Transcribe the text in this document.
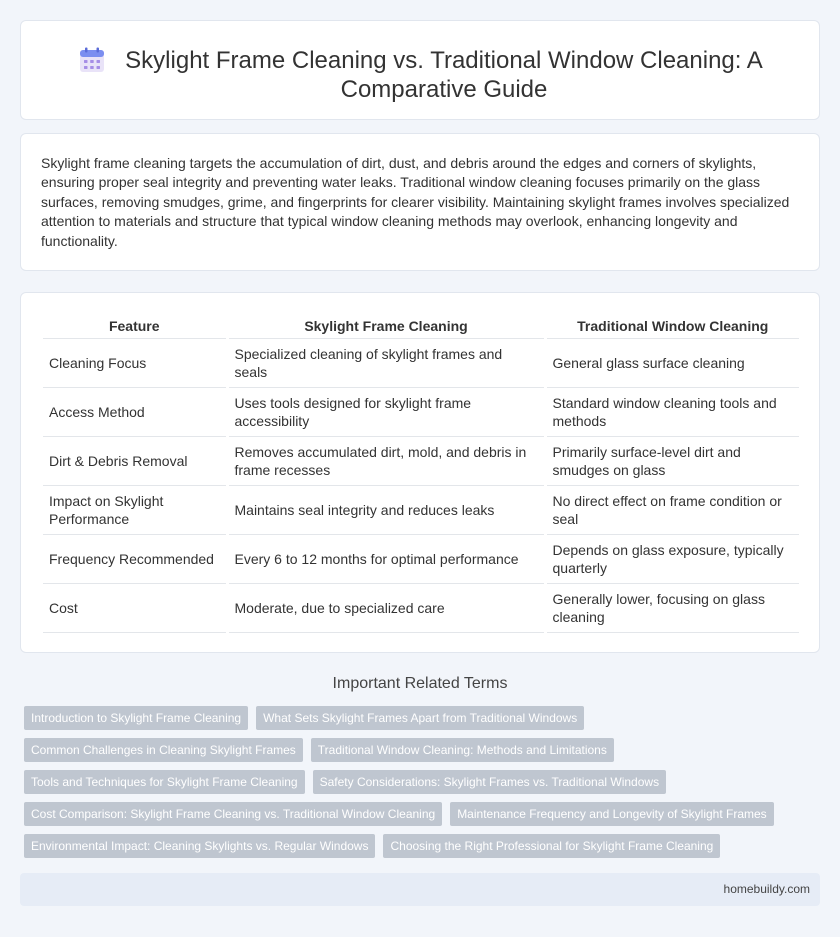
Skylight Frame Cleaning vs. Traditional Window Cleaning: A
Comparative Guide

Skylight frame cleaning targets the accumulation of dirt, dust, and debris around the edges and corners of skylights, ensuring proper seal integrity and preventing water leaks. Traditional window cleaning focuses primarily on the glass surfaces, removing smudges, grime, and fingerprints for clearer visibility. Maintaining skylight frames involves specialized attention to materials and structure that typical window cleaning methods may overlook, enhancing longevity and functionality.

Feature	Skylight Frame Cleaning	Traditional Window Cleaning
Cleaning Focus	Specialized cleaning of skylight frames and seals	General glass surface cleaning
Access Method	Uses tools designed for skylight frame accessibility	Standard window cleaning tools and methods
Dirt & Debris Removal	Removes accumulated dirt, mold, and debris in frame recesses	Primarily surface-level dirt and smudges on glass
Impact on Skylight Performance	Maintains seal integrity and reduces leaks	No direct effect on frame condition or seal
Frequency Recommended	Every 6 to 12 months for optimal performance	Depends on glass exposure, typically quarterly
Cost	Moderate, due to specialized care	Generally lower, focusing on glass cleaning
Important Related Terms
Introduction to Skylight Frame Cleaning	What Sets Skylight Frames Apart from Traditional Windows
Common Challenges in Cleaning Skylight Frames	Traditional Window Cleaning: Methods and Limitations
Tools and Techniques for Skylight Frame Cleaning	Safety Considerations: Skylight Frames vs. Traditional Windows
Cost Comparison: Skylight Frame Cleaning vs. Traditional Window Cleaning	Maintenance Frequency and Longevity of Skylight Frames
Environmental Impact: Cleaning Skylights vs. Regular Windows	Choosing the Right Professional for Skylight Frame Cleaning
homebuildy.com
